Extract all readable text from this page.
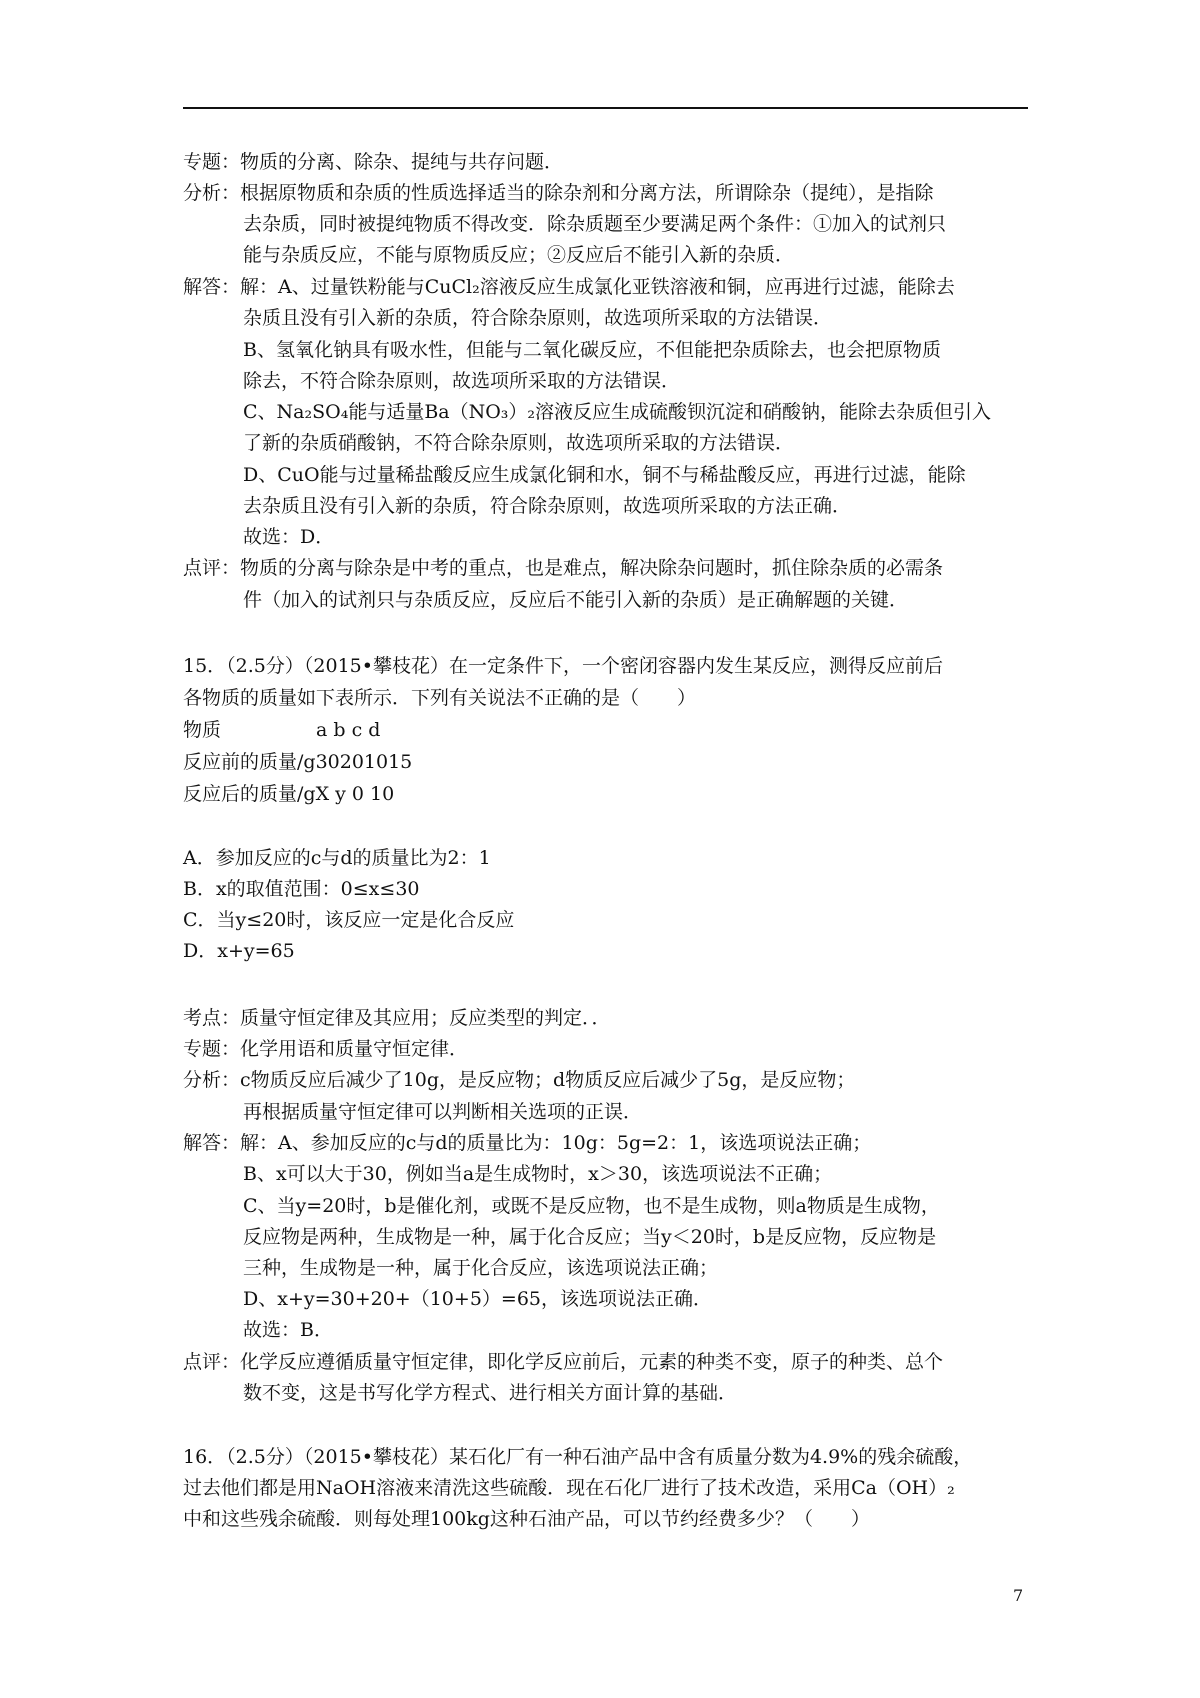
专题：物质的分离、除杂、提纯与共存问题．
分析：根据原物质和杂质的性质选择适当的除杂剂和分离方法，所谓除杂（提纯），是指除
去杂质，同时被提纯物质不得改变．除杂质题至少要满足两个条件：①加入的试剂只
能与杂质反应，不能与原物质反应；②反应后不能引入新的杂质．
解答：解：A、过量铁粉能与CuCl₂溶液反应生成氯化亚铁溶液和铜，应再进行过滤，能除去
杂质且没有引入新的杂质，符合除杂原则，故选项所采取的方法错误．
B、氢氧化钠具有吸水性，但能与二氧化碳反应，不但能把杂质除去，也会把原物质
除去，不符合除杂原则，故选项所采取的方法错误．
C、Na₂SO₄能与适量Ba（NO₃）₂溶液反应生成硫酸钡沉淀和硝酸钠，能除去杂质但引入
了新的杂质硝酸钠，不符合除杂原则，故选项所采取的方法错误．
D、CuO能与过量稀盐酸反应生成氯化铜和水，铜不与稀盐酸反应，再进行过滤，能除
去杂质且没有引入新的杂质，符合除杂原则，故选项所采取的方法正确．
故选：D．
点评：物质的分离与除杂是中考的重点，也是难点，解决除杂问题时，抓住除杂质的必需条
件（加入的试剂只与杂质反应，反应后不能引入新的杂质）是正确解题的关键．
15．（2.5分）（2015•攀枝花）在一定条件下，一个密闭容器内发生某反应，测得反应前后
各物质的质量如下表所示．下列有关说法不正确的是（　　）
物质　　　　　a b c d
反应前的质量/g30201015
反应后的质量/gX y 0 10
A．参加反应的c与d的质量比为2：1
B．x的取值范围：0≤x≤30
C．当y≤20时，该反应一定是化合反应
D．x+y=65
考点：质量守恒定律及其应用；反应类型的判定．．
专题：化学用语和质量守恒定律．
分析：c物质反应后减少了10g，是反应物；d物质反应后减少了5g，是反应物；
再根据质量守恒定律可以判断相关选项的正误．
解答：解：A、参加反应的c与d的质量比为：10g：5g=2：1，该选项说法正确；
B、x可以大于30，例如当a是生成物时，x＞30，该选项说法不正确；
C、当y=20时，b是催化剂，或既不是反应物，也不是生成物，则a物质是生成物，
反应物是两种，生成物是一种，属于化合反应；当y＜20时，b是反应物，反应物是
三种，生成物是一种，属于化合反应，该选项说法正确；
D、x+y=30+20+（10+5）=65，该选项说法正确．
故选：B．
点评：化学反应遵循质量守恒定律，即化学反应前后，元素的种类不变，原子的种类、总个
数不变，这是书写化学方程式、进行相关方面计算的基础．
16．（2.5分）（2015•攀枝花）某石化厂有一种石油产品中含有质量分数为4.9%的残余硫酸，
过去他们都是用NaOH溶液来清洗这些硫酸．现在石化厂进行了技术改造，采用Ca（OH）₂
中和这些残余硫酸．则每处理100kg这种石油产品，可以节约经费多少？（　　）
7
